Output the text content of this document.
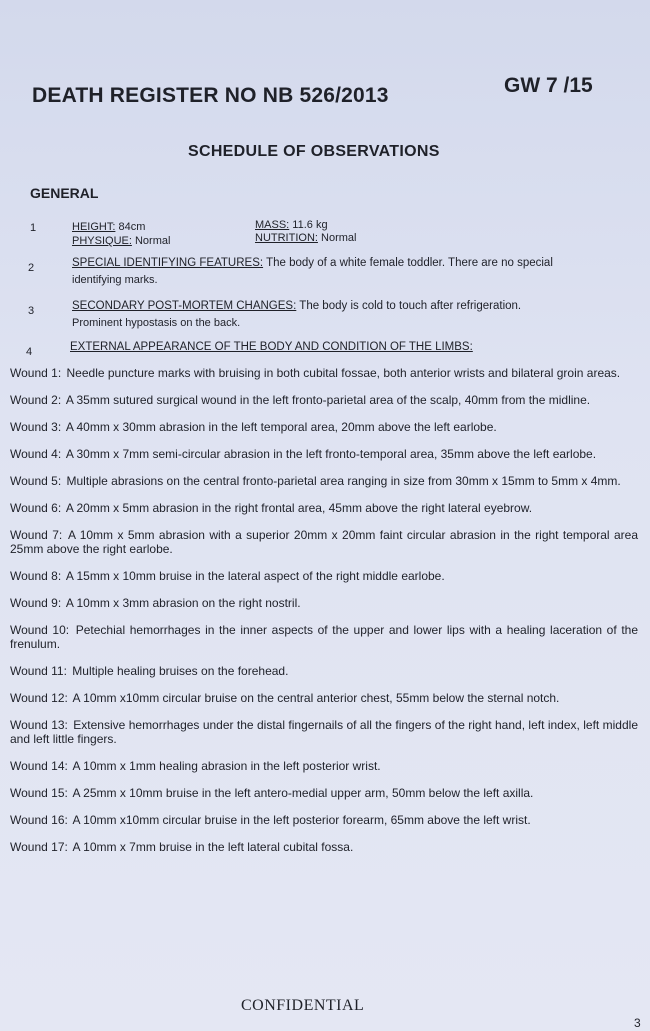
DEATH REGISTER NO NB 526/2013	GW 7 /15
SCHEDULE OF OBSERVATIONS
GENERAL
1	HEIGHT: 84cm
PHYSIQUE: Normal
MASS: 11.6 kg
NUTRITION: Normal
2	SPECIAL IDENTIFYING FEATURES: The body of a white female toddler. There are no special
identifying marks.
3	SECONDARY POST-MORTEM CHANGES: The body is cold to touch after refrigeration.
Prominent hypostasis on the back.
4	EXTERNAL APPEARANCE OF THE BODY AND CONDITION OF THE LIMBS:
Wound 1: Needle puncture marks with bruising in both cubital fossae, both anterior wrists and bilateral groin areas.
Wound 2: A 35mm sutured surgical wound in the left fronto-parietal area of the scalp, 40mm from the midline.
Wound 3: A 40mm x 30mm abrasion in the left temporal area, 20mm above the left earlobe.
Wound 4: A 30mm x 7mm semi-circular abrasion in the left fronto-temporal area, 35mm above the left earlobe.
Wound 5: Multiple abrasions on the central fronto-parietal area ranging in size from 30mm x 15mm to 5mm x 4mm.
Wound 6: A 20mm x 5mm abrasion in the right frontal area, 45mm above the right lateral eyebrow.
Wound 7: A 10mm x 5mm abrasion with a superior 20mm x 20mm faint circular abrasion in the right temporal area 25mm above the right earlobe.
Wound 8: A 15mm x 10mm bruise in the lateral aspect of the right middle earlobe.
Wound 9: A 10mm x 3mm abrasion on the right nostril.
Wound 10: Petechial hemorrhages in the inner aspects of the upper and lower lips with a healing laceration of the frenulum.
Wound 11: Multiple healing bruises on the forehead.
Wound 12: A 10mm x10mm circular bruise on the central anterior chest, 55mm below the sternal notch.
Wound 13: Extensive hemorrhages under the distal fingernails of all the fingers of the right hand, left index, left middle and left little fingers.
Wound 14: A 10mm x 1mm healing abrasion in the left posterior wrist.
Wound 15: A 25mm x 10mm bruise in the left antero-medial upper arm, 50mm below the left axilla.
Wound 16: A 10mm x10mm circular bruise in the left posterior forearm, 65mm above the left wrist.
Wound 17: A 10mm x 7mm bruise in the left lateral cubital fossa.
CONFIDENTIAL
3
